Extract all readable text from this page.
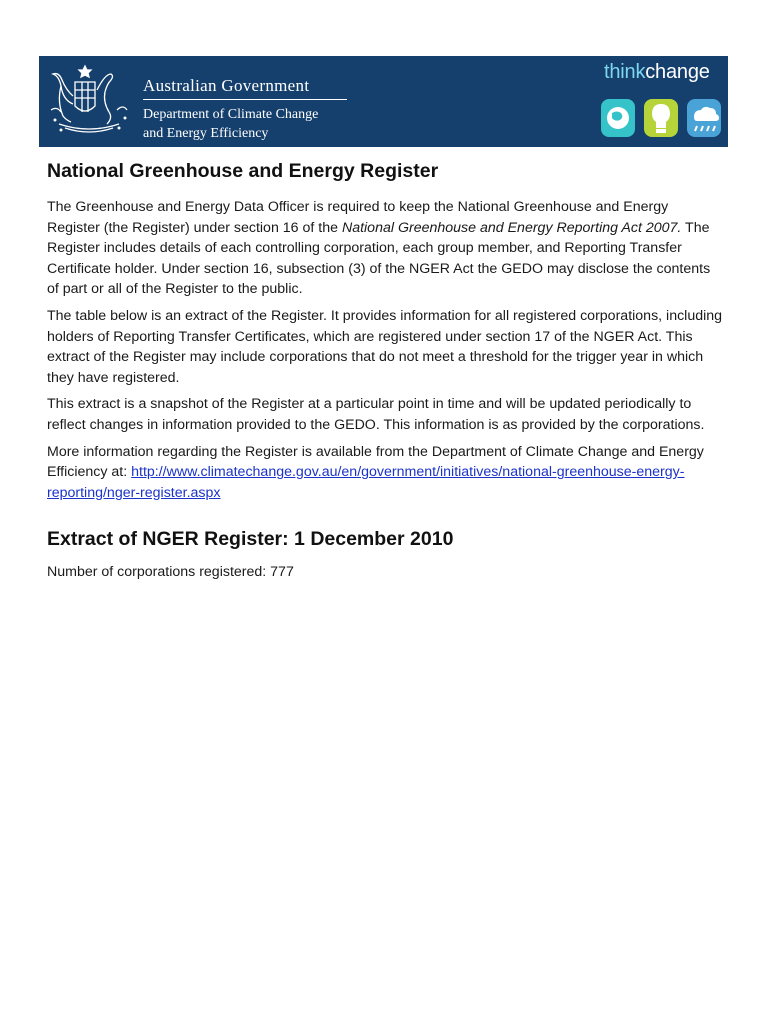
Australian Government
Department of Climate Change
and Energy Efficiency
thinkchange
National Greenhouse and Energy Register

The Greenhouse and Energy Data Officer is required to keep the National Greenhouse and Energy Register (the Register) under section 16 of the National Greenhouse and Energy Reporting Act 2007. The Register includes details of each controlling corporation, each group member, and Reporting Transfer Certificate holder. Under section 16, subsection (3) of the NGER Act the GEDO may disclose the contents of part or all of the Register to the public.

The table below is an extract of the Register. It provides information for all registered corporations, including holders of Reporting Transfer Certificates, which are registered under section 17 of the NGER Act. This extract of the Register may include corporations that do not meet a threshold for the trigger year in which they have registered.

This extract is a snapshot of the Register at a particular point in time and will be updated periodically to reflect changes in information provided to the GEDO. This information is as provided by the corporations.

More information regarding the Register is available from the Department of Climate Change and Energy Efficiency at: http://www.climatechange.gov.au/en/government/initiatives/national-greenhouse-energy-reporting/nger-register.aspx

Extract of NGER Register: 1 December 2010

Number of corporations registered: 777
